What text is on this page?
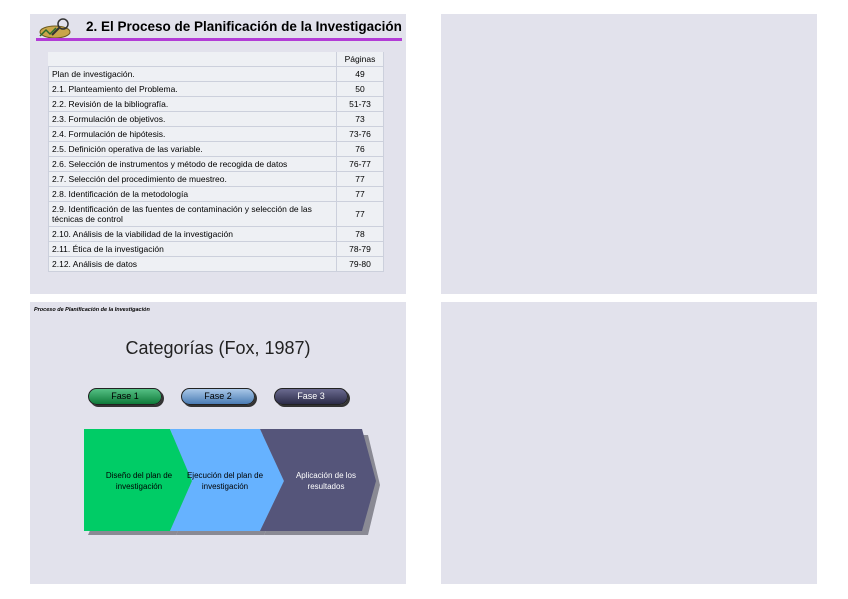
2. El Proceso de Planificación de la Investigación
	Páginas
Plan de investigación.	49
2.1. Planteamiento del Problema.	50
2.2. Revisión de la bibliografía.	51-73
2.3. Formulación de objetivos.	73
2.4. Formulación de hipótesis.	73-76
2.5. Definición operativa de las variable.	76
2.6. Selección de instrumentos y método de recogida de datos	76-77
2.7. Selección del procedimiento de muestreo.	77
2.8. Identificación de la metodología	77
2.9. Identificación de las fuentes de contaminación y selección de las técnicas de control	77
2.10. Análisis de la viabilidad de la investigación	78
2.11. Ética de la investigación	78-79
2.12. Análisis de datos	79-80
Proceso de Planificación de la Investigación
Categorías (Fox, 1987)
Fase 1	Fase 2	Fase 3
Diseño del plan de investigación
Ejecución del plan de investigación
Aplicación de los resultados
